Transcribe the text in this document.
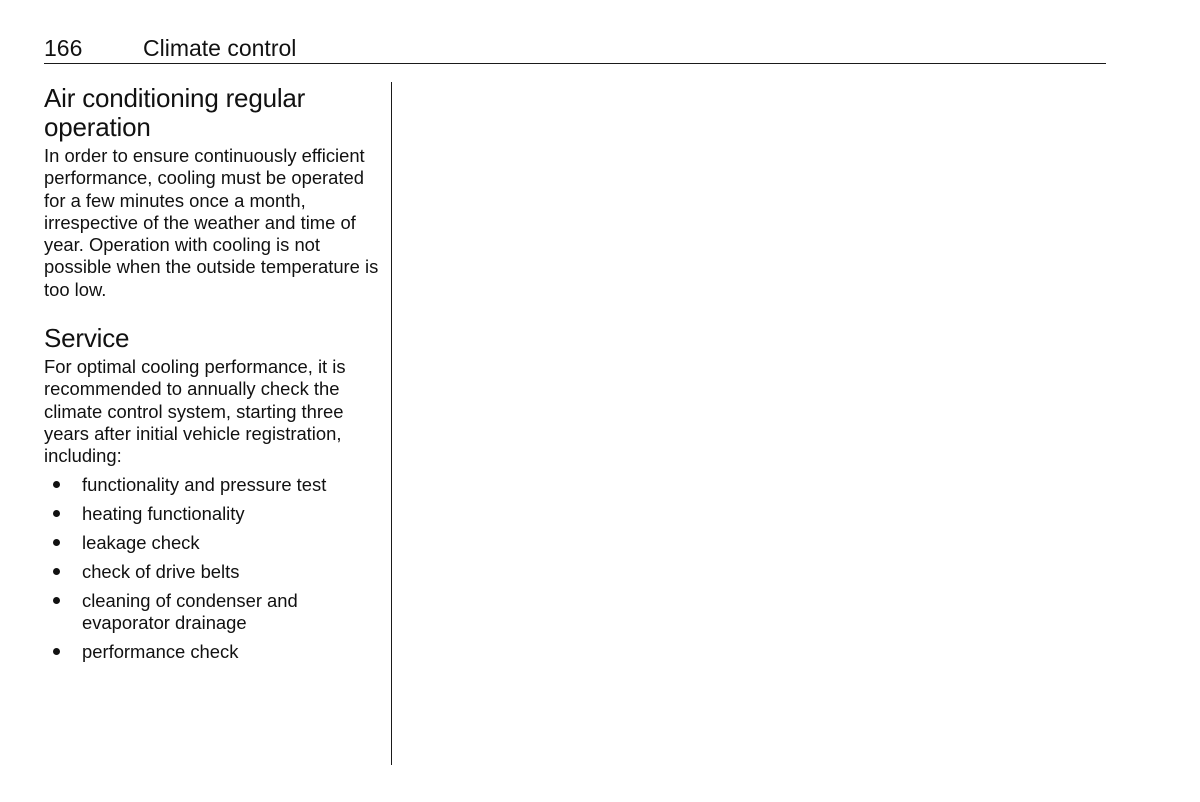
166	Climate control
Air conditioning regular operation

In order to ensure continuously efficient performance, cooling must be operated for a few minutes once a month, irrespective of the weather and time of year. Operation with cooling is not possible when the outside temperature is too low.

Service

For optimal cooling performance, it is recommended to annually check the climate control system, starting three years after initial vehicle registration, including:

functionality and pressure test
heating functionality
leakage check
check of drive belts
cleaning of condenser and evaporator drainage
performance check
